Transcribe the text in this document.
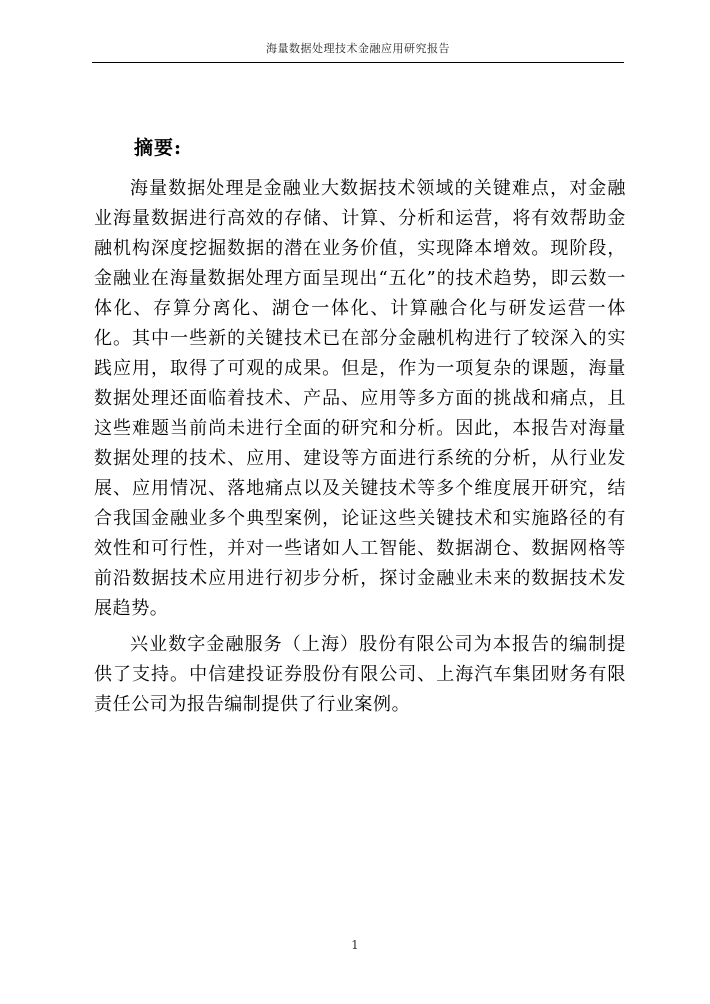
海量数据处理技术金融应用研究报告
摘要:

海量数据处理是金融业大数据技术领域的关键难点，对金融业海量数据进行高效的存储、计算、分析和运营，将有效帮助金融机构深度挖掘数据的潜在业务价值，实现降本增效。现阶段，金融业在海量数据处理方面呈现出“五化”的技术趋势，即云数一体化、存算分离化、湖仓一体化、计算融合化与研发运营一体化。其中一些新的关键技术已在部分金融机构进行了较深入的实践应用，取得了可观的成果。但是，作为一项复杂的课题，海量数据处理还面临着技术、产品、应用等多方面的挑战和痛点，且这些难题当前尚未进行全面的研究和分析。因此，本报告对海量数据处理的技术、应用、建设等方面进行系统的分析，从行业发展、应用情况、落地痛点以及关键技术等多个维度展开研究，结合我国金融业多个典型案例，论证这些关键技术和实施路径的有效性和可行性，并对一些诸如人工智能、数据湖仓、数据网格等前沿数据技术应用进行初步分析，探讨金融业未来的数据技术发展趋势。

兴业数字金融服务（上海）股份有限公司为本报告的编制提供了支持。中信建投证券股份有限公司、上海汽车集团财务有限责任公司为报告编制提供了行业案例。

1
